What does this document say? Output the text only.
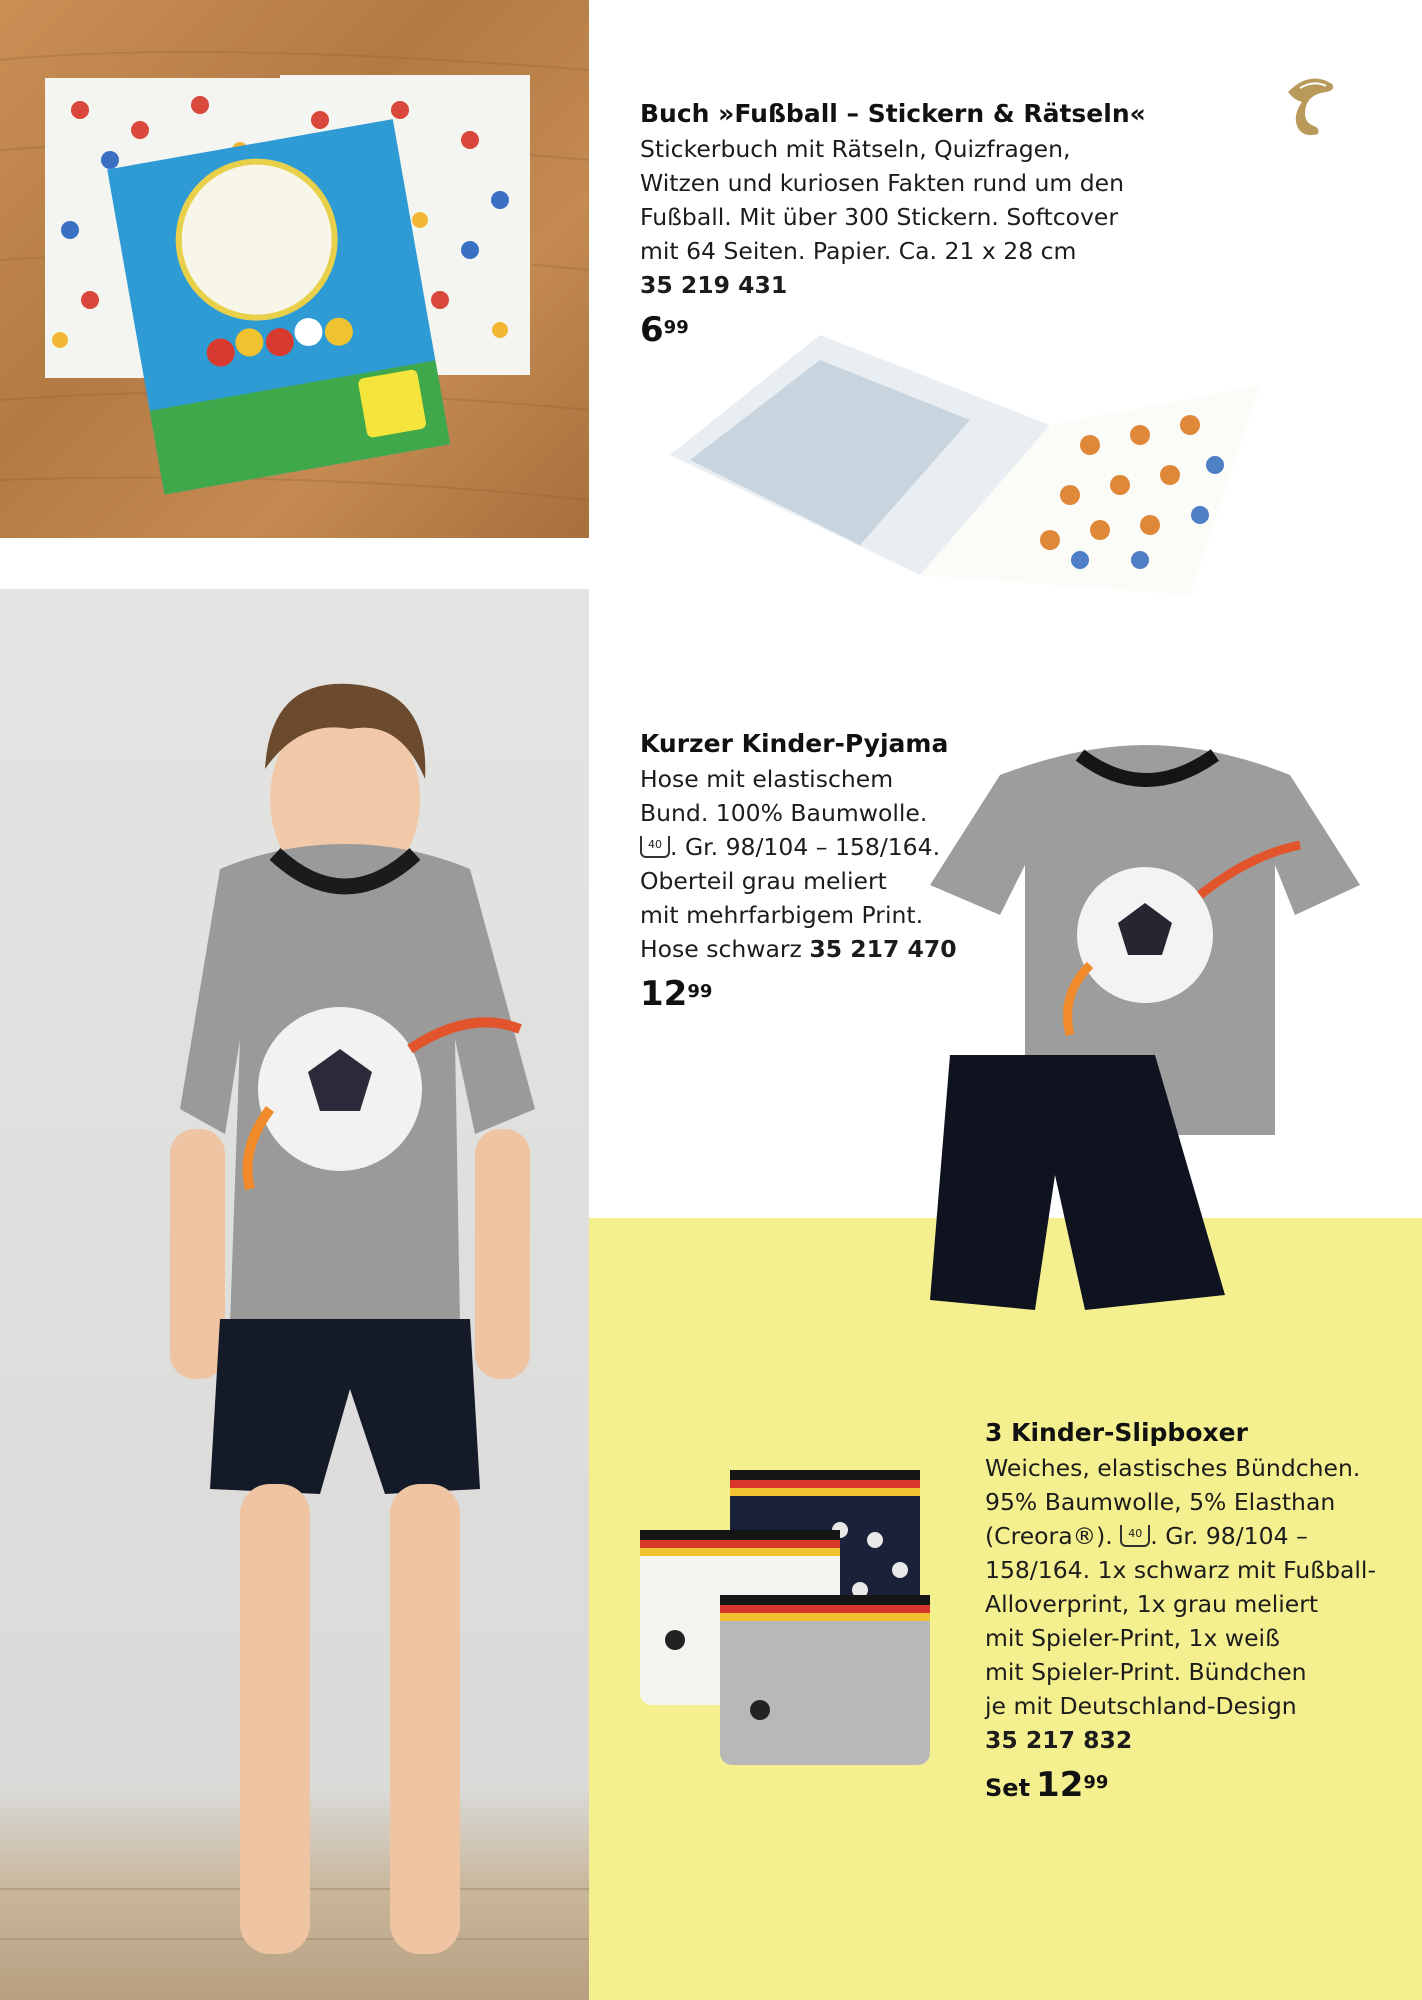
Buch »Fußball – Stickern & Rätseln«
Stickerbuch mit Rätseln, Quizfragen,
Witzen und kuriosen Fakten rund um den
Fußball. Mit über 300 Stickern. Softcover
mit 64 Seiten. Papier. Ca. 21 x 28 cm
35 219 431
$6^{99}$
Kurzer Kinder-Pyjama
Hose mit elastischem
Bund. 100% Baumwolle.
40 . Gr. 98/104 – 158/164.
Oberteil grau meliert
mit mehrfarbigem Print.
Hose schwarz 35 217 470
$12^{99}$
3 Kinder-Slipboxer
Weiches, elastisches Bündchen.
95% Baumwolle, 5% Elasthan
(Creora®). 40 . Gr. 98/104 –
158/164. 1x schwarz mit Fußball-
Alloverprint, 1x grau meliert
mit Spieler-Print, 1x weiß
mit Spieler-Print. Bündchen
je mit Deutschland-Design
35 217 832
Set $12^{99}$
